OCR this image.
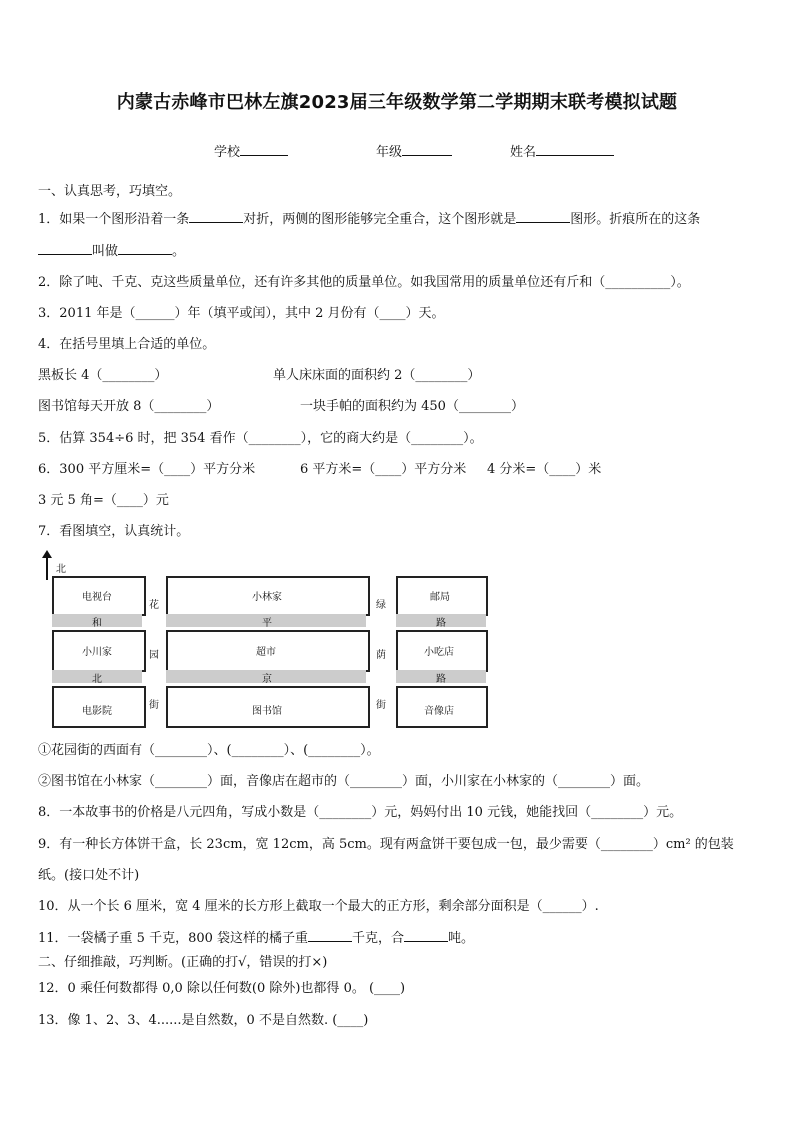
内蒙古赤峰市巴林左旗2023届三年级数学第二学期期末联考模拟试题
学校	年级	姓名
一、认真思考，巧填空。
1．如果一个图形沿着一条	对折，两侧的图形能够完全重合，这个图形就是	图形。折痕所在的这条
叫做	。
2．除了吨、千克、克这些质量单位，还有许多其他的质量单位。如我国常用的质量单位还有斤和（__________）。
3．2011 年是（______）年（填平或闰），其中 2 月份有（____）天。
4．在括号里填上合适的单位。
黑板长 4（________）	单人床床面的面积约 2（________）
图书馆每天开放 8（________）	一块手帕的面积约为 450（________）
5．估算 354÷6 时，把 354 看作（________），它的商大约是（________）。
6．300 平方厘米=（____）平方分米	6 平方米=（____）平方分米 4 分米=（____）米
3 元 5 角=（____）元
7．看图填空，认真统计。
北
电视台	小林家	邮局
和	平	路
小川家	超市	小吃店
北	京	路
电影院	图书馆	音像店
花
园
街
绿
荫
街
①花园街的西面有（________）、(________）、(________）。
②图书馆在小林家（________）面，音像店在超市的（________）面，小川家在小林家的（________）面。
8．一本故事书的价格是八元四角，写成小数是（________）元，妈妈付出 10 元钱，她能找回（________）元。
9．有一种长方体饼干盒，长 23cm，宽 12cm，高 5cm。现有两盒饼干要包成一包，最少需要（________）cm² 的包装
纸。(接口处不计)
10．从一个长 6 厘米，宽 4 厘米的长方形上截取一个最大的正方形，剩余部分面积是（______）.
11．一袋橘子重 5 千克，800 袋这样的橘子重	千克，合	吨。
二、仔细推敲，巧判断。(正确的打√，错误的打×)
12．0 乘任何数都得 0,0 除以任何数(0 除外)也都得 0。 (____)
13．像 1、2、3、4......是自然数，0 不是自然数. (____)
